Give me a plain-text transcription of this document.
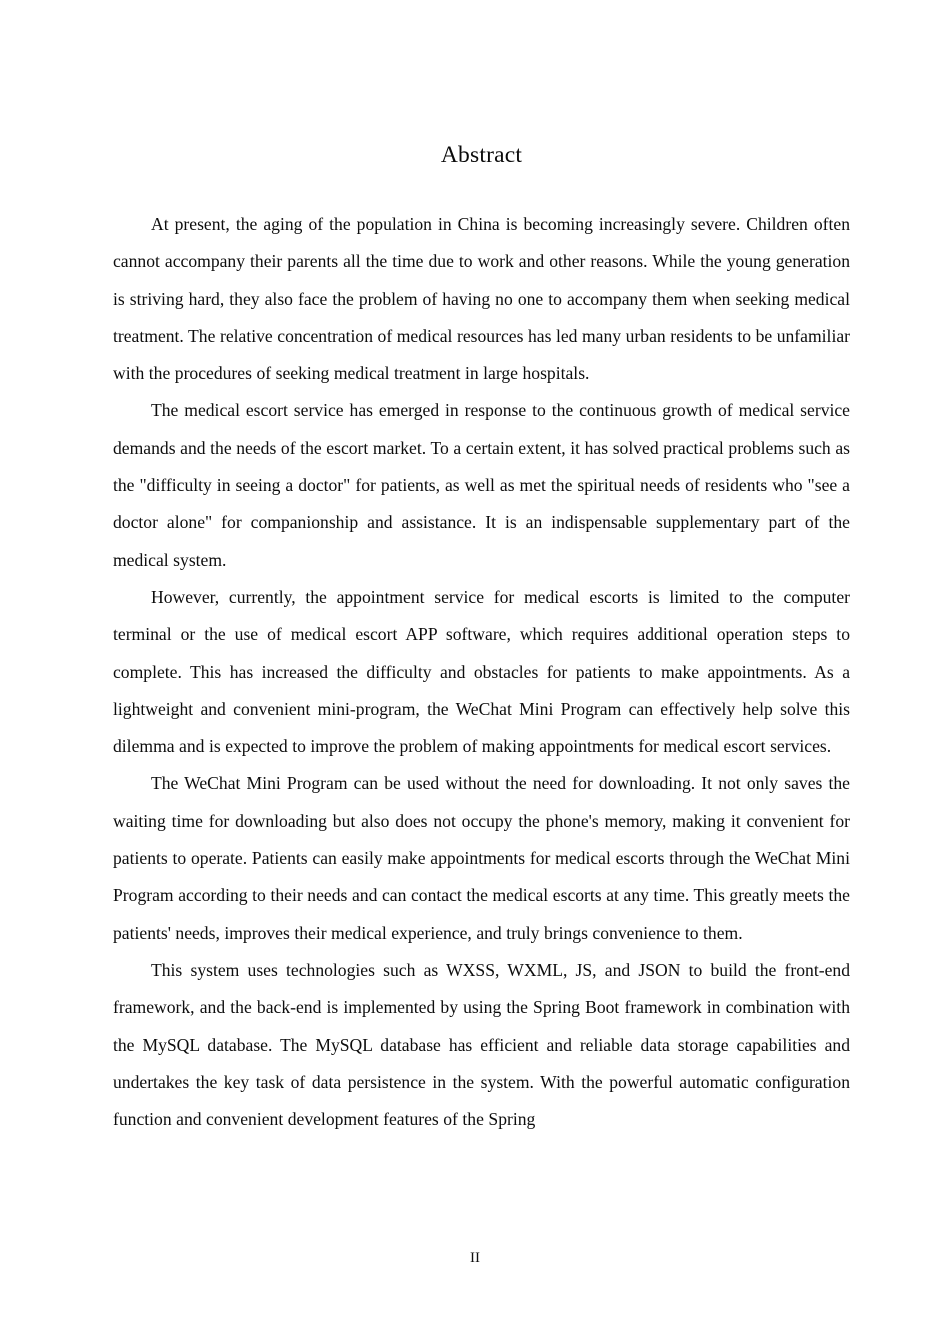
Abstract

At present, the aging of the population in China is becoming increasingly severe. Children often cannot accompany their parents all the time due to work and other reasons. While the young generation is striving hard, they also face the problem of having no one to accompany them when seeking medical treatment. The relative concentration of medical resources has led many urban residents to be unfamiliar with the procedures of seeking medical treatment in large hospitals.

The medical escort service has emerged in response to the continuous growth of medical service demands and the needs of the escort market. To a certain extent, it has solved practical problems such as the "difficulty in seeing a doctor" for patients, as well as met the spiritual needs of residents who "see a doctor alone" for companionship and assistance. It is an indispensable supplementary part of the medical system.

However, currently, the appointment service for medical escorts is limited to the computer terminal or the use of medical escort APP software, which requires additional operation steps to complete. This has increased the difficulty and obstacles for patients to make appointments. As a lightweight and convenient mini-program, the WeChat Mini Program can effectively help solve this dilemma and is expected to improve the problem of making appointments for medical escort services.

The WeChat Mini Program can be used without the need for downloading. It not only saves the waiting time for downloading but also does not occupy the phone's memory, making it convenient for patients to operate. Patients can easily make appointments for medical escorts through the WeChat Mini Program according to their needs and can contact the medical escorts at any time. This greatly meets the patients' needs, improves their medical experience, and truly brings convenience to them.

This system uses technologies such as WXSS, WXML, JS, and JSON to build the front-end framework, and the back-end is implemented by using the Spring Boot framework in combination with the MySQL database. The MySQL database has efficient and reliable data storage capabilities and undertakes the key task of data persistence in the system. With the powerful automatic configuration function and convenient development features of the Spring

II
